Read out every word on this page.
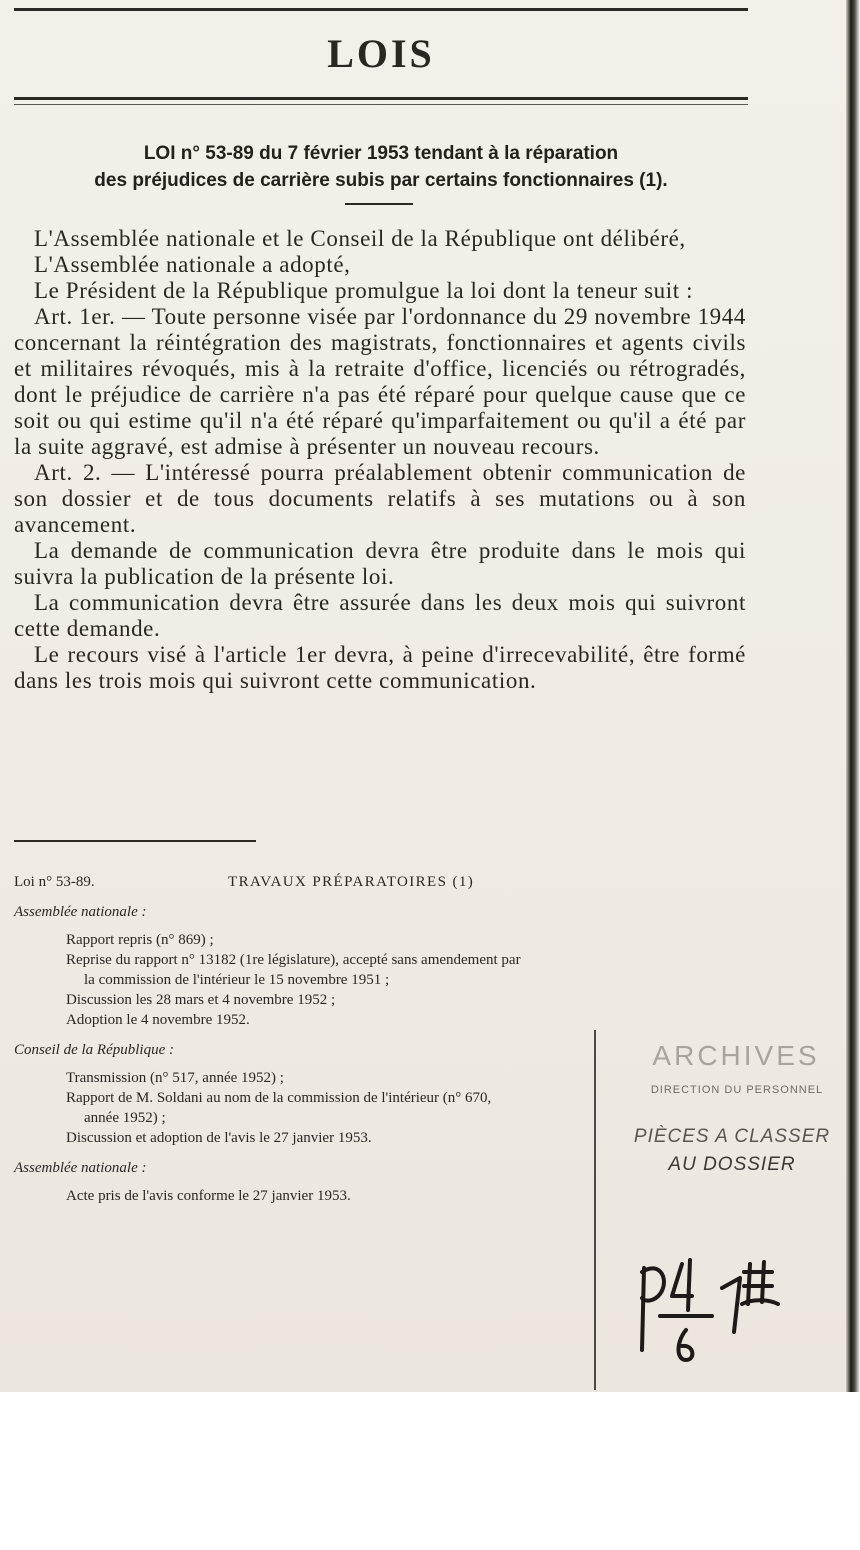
LOIS
LOI n° 53-89 du 7 février 1953 tendant à la réparation
des préjudices de carrière subis par certains fonctionnaires (1).

L'Assemblée nationale et le Conseil de la République ont délibéré,

L'Assemblée nationale a adopté,

Le Président de la République promulgue la loi dont la teneur suit :

Art. 1er. — Toute personne visée par l'ordonnance du 29 novembre 1944 concernant la réintégration des magistrats, fonctionnaires et agents civils et militaires révoqués, mis à la retraite d'office, licenciés ou rétrogradés, dont le préjudice de carrière n'a pas été réparé pour quelque cause que ce soit ou qui estime qu'il n'a été réparé qu'imparfaitement ou qu'il a été par la suite aggravé, est admise à présenter un nouveau recours.

Art. 2. — L'intéressé pourra préalablement obtenir communication de son dossier et de tous documents relatifs à ses mutations ou à son avancement.

La demande de communication devra être produite dans le mois qui suivra la publication de la présente loi.

La communication devra être assurée dans les deux mois qui suivront cette demande.

Le recours visé à l'article 1er devra, à peine d'irrecevabilité, être formé dans les trois mois qui suivront cette communication.

Loi n° 53-89.	TRAVAUX PRÉPARATOIRES (1)
Assemblée nationale :
Rapport repris (n° 869) ;
Reprise du rapport n° 13182 (1re législature), accepté sans amendement par
la commission de l'intérieur le 15 novembre 1951 ;
Discussion les 28 mars et 4 novembre 1952 ;
Adoption le 4 novembre 1952.
Conseil de la République :
Transmission (n° 517, année 1952) ;
Rapport de M. Soldani au nom de la commission de l'intérieur (n° 670,
année 1952) ;
Discussion et adoption de l'avis le 27 janvier 1953.
Assemblée nationale :
Acte pris de l'avis conforme le 27 janvier 1953.
ARCHIVES
DIRECTION DU PERSONNEL
PIÈCES A CLASSER
AU DOSSIER
